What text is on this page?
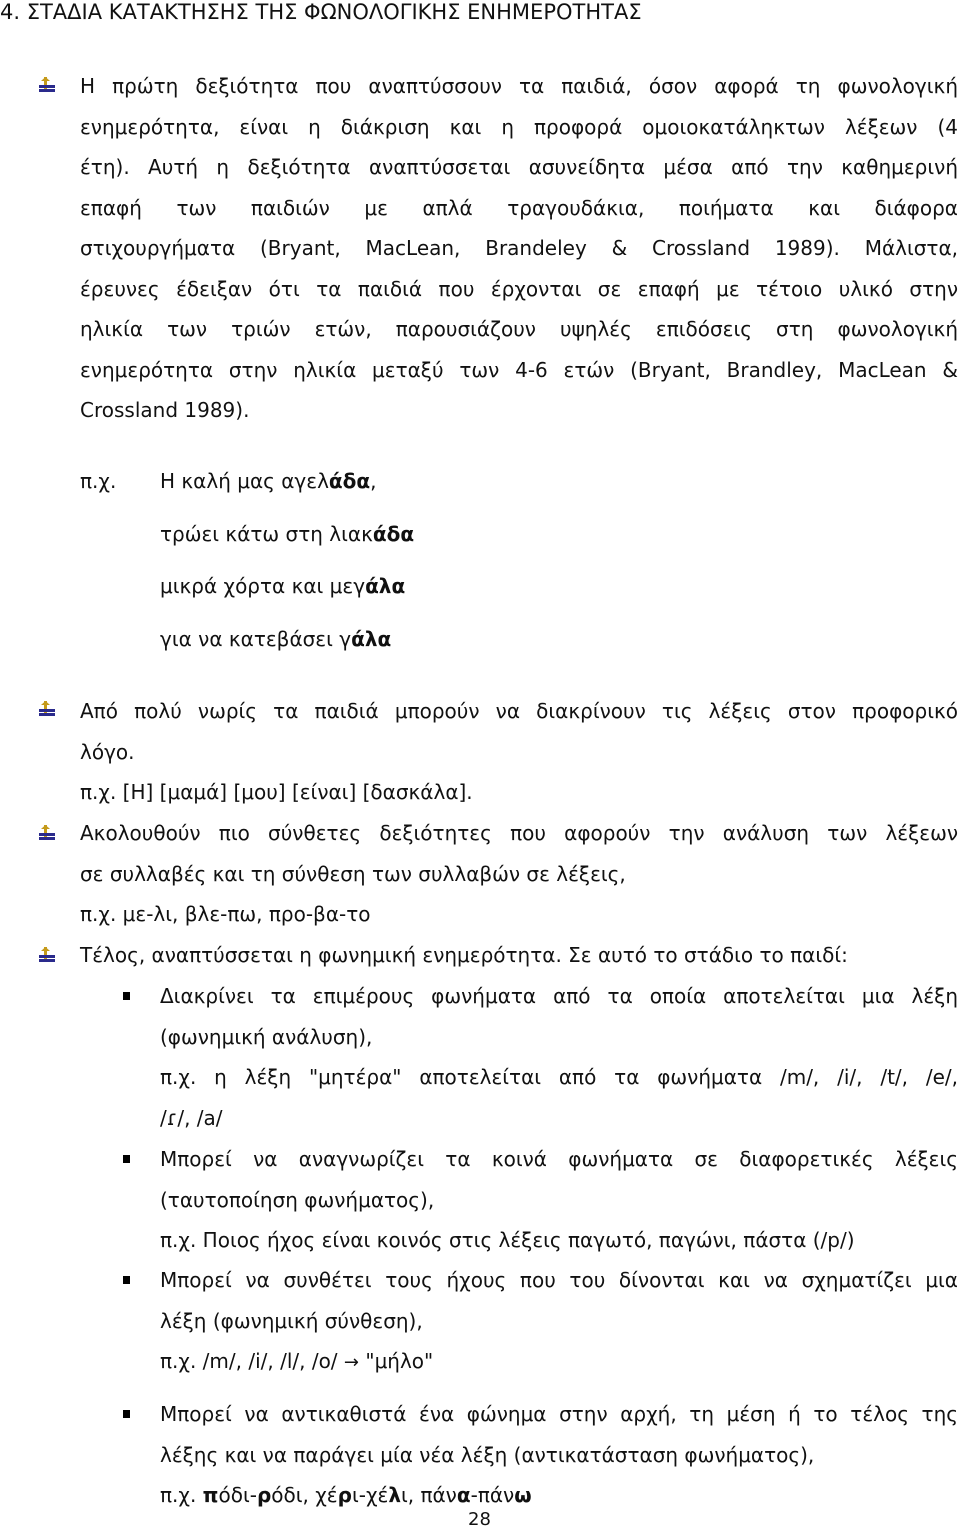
4. ΣΤΑΔΙΑ ΚΑΤΑΚΤΗΣΗΣ ΤΗΣ ΦΩΝΟΛΟΓΙΚΗΣ ΕΝΗΜΕΡΟΤΗΤΑΣ
Η πρώτη δεξιότητα που αναπτύσσουν τα παιδιά, όσον αφορά τη φωνολογική
ενημερότητα, είναι η διάκριση και η προφορά ομοιοκατάληκτων λέξεων (4
έτη). Αυτή η δεξιότητα αναπτύσσεται ασυνείδητα μέσα από την καθημερινή
επαφή των παιδιών με απλά τραγουδάκια, ποιήματα και διάφορα
στιχουργήματα (Bryant, MacLean, Brandeley & Crossland 1989). Μάλιστα,
έρευνες έδειξαν ότι τα παιδιά που έρχονται σε επαφή με τέτοιο υλικό στην
ηλικία των τριών ετών, παρουσιάζουν υψηλές επιδόσεις στη φωνολογική
ενημερότητα στην ηλικία μεταξύ των 4-6 ετών (Bryant, Brandley, MacLean &
Crossland 1989).
π.χ. Η καλή μας αγελάδα,
τρώει κάτω στη λιακάδα
μικρά χόρτα και μεγάλα
για να κατεβάσει γάλα
Από πολύ νωρίς τα παιδιά μπορούν να διακρίνουν τις λέξεις στον προφορικό
λόγο.
π.χ. [Η] [μαμά] [μου] [είναι] [δασκάλα].
Ακολουθούν πιο σύνθετες δεξιότητες που αφορούν την ανάλυση των λέξεων
σε συλλαβές και τη σύνθεση των συλλαβών σε λέξεις,
π.χ. με-λι, βλε-πω, προ-βα-το
Τέλος, αναπτύσσεται η φωνημική ενημερότητα. Σε αυτό το στάδιο το παιδί:
Διακρίνει τα επιμέρους φωνήματα από τα οποία αποτελείται μια λέξη
(φωνημική ανάλυση),
π.χ. η λέξη "μητέρα" αποτελείται από τα φωνήματα /m/, /i/, /t/, /e/,
/ɾ/, /a/
Μπορεί να αναγνωρίζει τα κοινά φωνήματα σε διαφορετικές λέξεις
(ταυτοποίηση φωνήματος),
π.χ. Ποιος ήχος είναι κοινός στις λέξεις παγωτό, παγώνι, πάστα (/p/)
Μπορεί να συνθέτει τους ήχους που του δίνονται και να σχηματίζει μια
λέξη (φωνημική σύνθεση),
π.χ. /m/, /i/, /l/, /o/ → "μήλο"
Μπορεί να αντικαθιστά ένα φώνημα στην αρχή, τη μέση ή το τέλος της
λέξης και να παράγει μία νέα λέξη (αντικατάσταση φωνήματος),
π.χ. πόδι-ρόδι, χέρι-χέλι, πάνα-πάνω
28
